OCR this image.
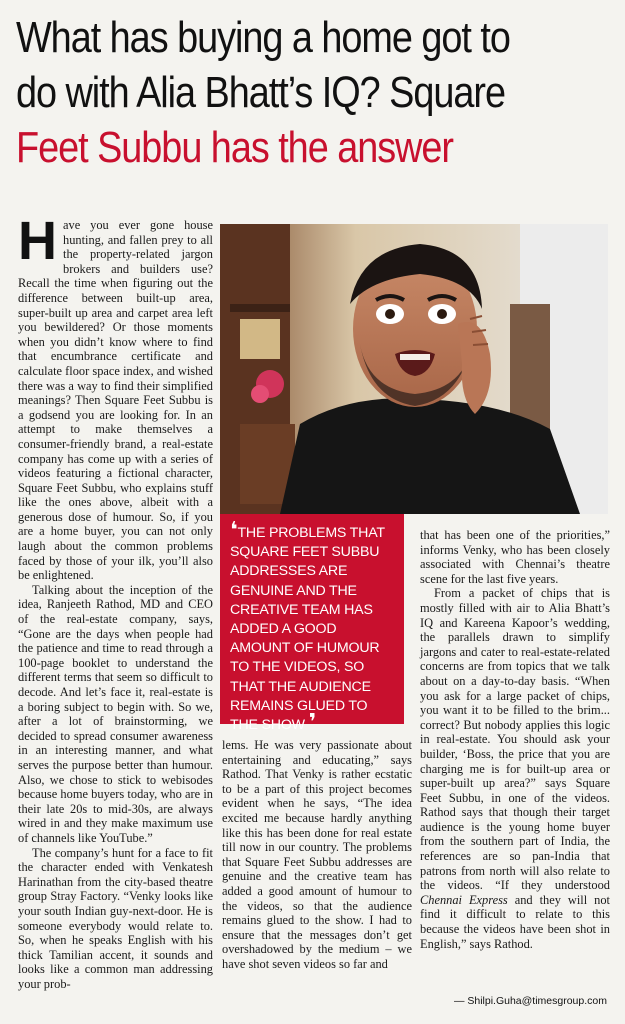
What has buying a home got to
do with Alia Bhatt’s IQ? Square
Feet Subbu has the answer

Have you ever gone house hunting, and fallen prey to all the property-related jargon brokers and builders use? Recall the time when figuring out the difference between built-up area, super-built up area and carpet area left you bewildered? Or those moments when you didn’t know where to find that encumbrance certificate and calculate floor space index, and wished there was a way to find their simplified meanings? Then Square Feet Subbu is a godsend you are looking for. In an attempt to make themselves a consumer-friendly brand, a real-estate company has come up with a series of videos featuring a fictional character, Square Feet Subbu, who explains stuff like the ones above, albeit with a generous dose of humour. So, if you are a home buyer, you can not only laugh about the common problems faced by those of your ilk, you’ll also be enlightened.

Talking about the inception of the idea, Ranjeeth Rathod, MD and CEO of the real-estate company, says, “Gone are the days when people had the patience and time to read through a 100-page booklet to understand the different terms that seem so difficult to decode. And let’s face it, real-estate is a boring subject to begin with. So we, after a lot of brainstorming, we decided to spread consumer awareness in an interesting manner, and what serves the purpose better than humour. Also, we chose to stick to webisodes because home buyers today, who are in their late 20s to mid-30s, are always wired in and they make maximum use of channels like YouTube.”

The company’s hunt for a face to fit the character ended with Venkatesh Harinathan from the city-based theatre group Stray Factory. “Venky looks like your south Indian guy-next-door. He is someone everybody would relate to. So, when he speaks English with his thick Tamilian accent, it sounds and looks like a common man addressing your prob-

❛THE PROBLEMS THAT SQUARE FEET SUBBU ADDRESSES ARE GENUINE AND THE CREATIVE TEAM HAS ADDED A GOOD AMOUNT OF HUMOUR TO THE VIDEOS, SO THAT THE AUDIENCE REMAINS GLUED TO THE SHOW ❜

lems. He was very passionate about entertaining and educating,” says Rathod. That Venky is rather ecstatic to be a part of this project becomes evident when he says, “The idea excited me because hardly anything like this has been done for real estate till now in our country. The problems that Square Feet Subbu addresses are genuine and the creative team has added a good amount of humour to the videos, so that the audience remains glued to the show. I had to ensure that the messages don’t get overshadowed by the medium – we have shot seven videos so far and

that has been one of the priorities,” informs Venky, who has been closely associated with Chennai’s theatre scene for the last five years.

From a packet of chips that is mostly filled with air to Alia Bhatt’s IQ and Kareena Kapoor’s wedding, the parallels drawn to simplify jargons and cater to real-estate-related concerns are from topics that we talk about on a day-to-day basis. “When you ask for a large packet of chips, you want it to be filled to the brim... correct? But nobody applies this logic in real-estate. You should ask your builder, ‘Boss, the price that you are charging me is for built-up area or super-built up area?” says Square Feet Subbu, in one of the videos. Rathod says that though their target audience is the young home buyer from the southern part of India, the references are so pan-India that patrons from north will also relate to the videos. “If they understood Chennai Express and they will not find it difficult to relate to this because the videos have been shot in English,” says Rathod.

— Shilpi.Guha@timesgroup.com
